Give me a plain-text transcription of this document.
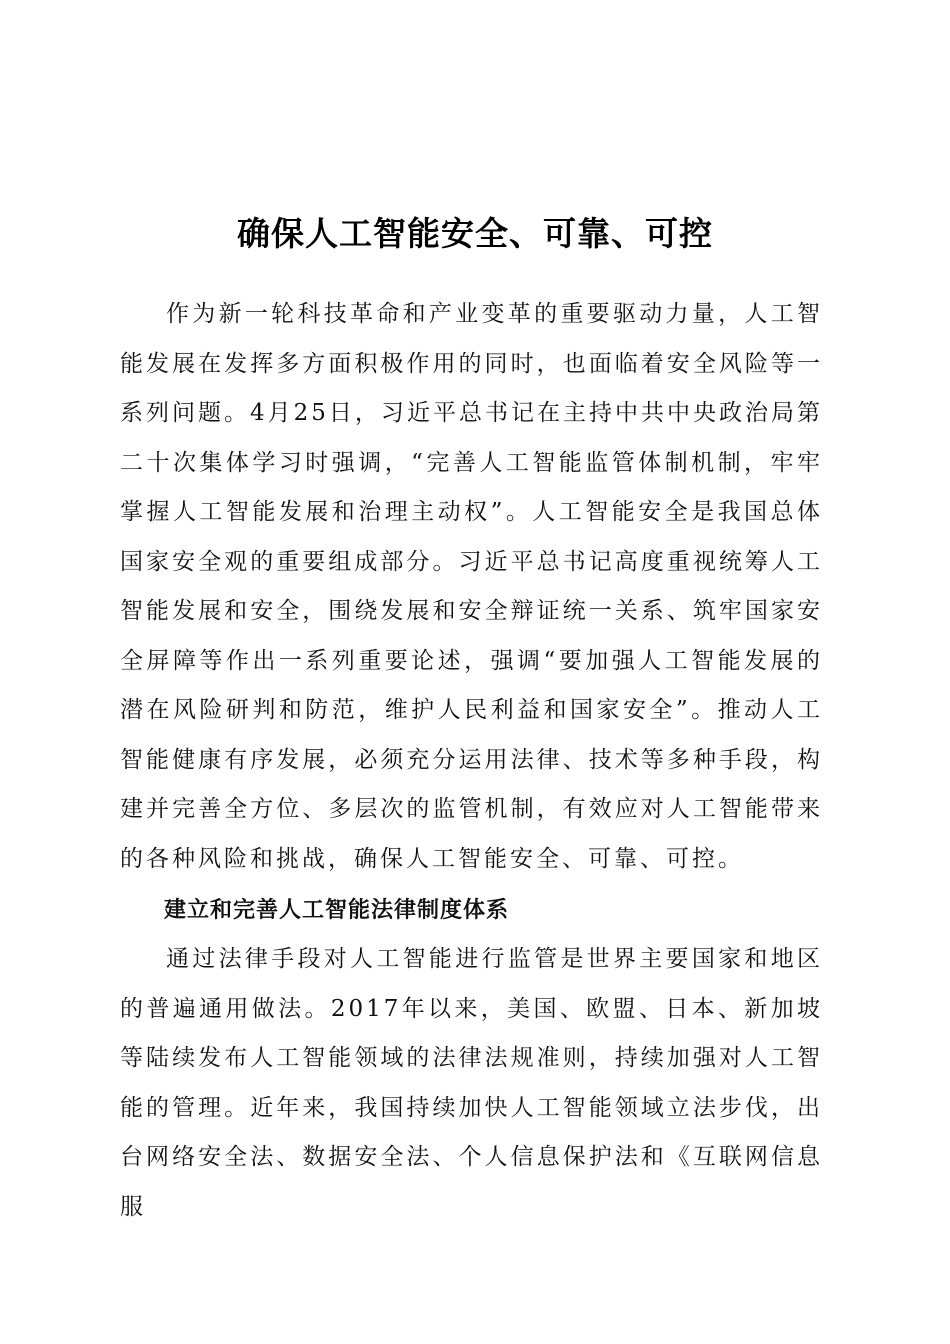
确保人工智能安全、可靠、可控

作为新一轮科技革命和产业变革的重要驱动力量，人工智能发展在发挥多方面积极作用的同时，也面临着安全风险等一系列问题。4月25日，习近平总书记在主持中共中央政治局第二十次集体学习时强调，“完善人工智能监管体制机制，牢牢掌握人工智能发展和治理主动权”。人工智能安全是我国总体国家安全观的重要组成部分。习近平总书记高度重视统筹人工智能发展和安全，围绕发展和安全辩证统一关系、筑牢国家安全屏障等作出一系列重要论述，强调“要加强人工智能发展的潜在风险研判和防范，维护人民利益和国家安全”。推动人工智能健康有序发展，必须充分运用法律、技术等多种手段，构建并完善全方位、多层次的监管机制，有效应对人工智能带来的各种风险和挑战，确保人工智能安全、可靠、可控。

建立和完善人工智能法律制度体系

通过法律手段对人工智能进行监管是世界主要国家和地区的普遍通用做法。2017年以来，美国、欧盟、日本、新加坡等陆续发布人工智能领域的法律法规准则，持续加强对人工智能的管理。近年来，我国持续加快人工智能领域立法步伐，出台网络安全法、数据安全法、个人信息保护法和《互联网信息服
